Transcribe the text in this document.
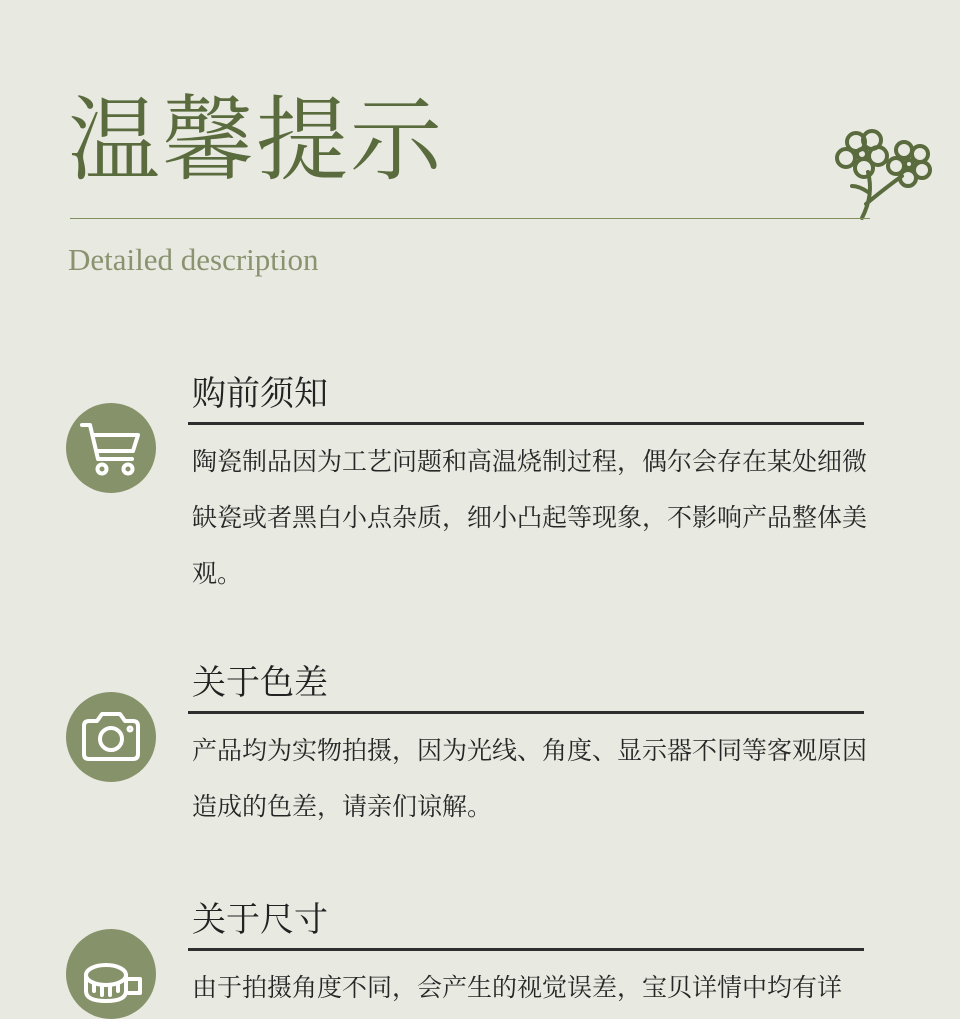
温馨提示
Detailed description
购前须知
陶瓷制品因为工艺问题和高温烧制过程，偶尔会存在某处细微缺瓷或者黑白小点杂质，细小凸起等现象，不影响产品整体美观。
关于色差
产品均为实物拍摄，因为光线、角度、显示器不同等客观原因造成的色差，请亲们谅解。
关于尺寸
由于拍摄角度不同，会产生的视觉误差，宝贝详情中均有详
